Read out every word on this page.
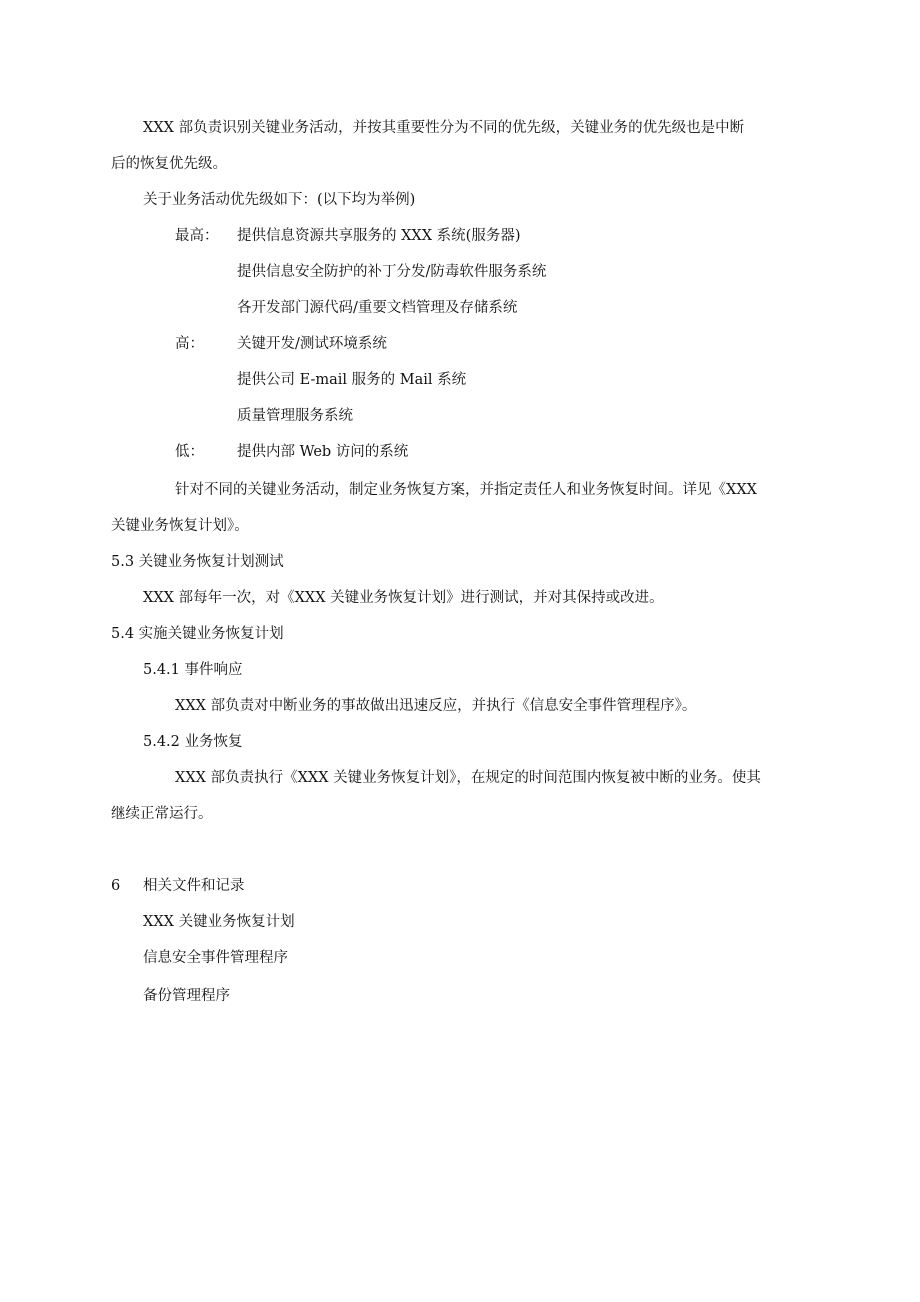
XXX 部负责识别关键业务活动，并按其重要性分为不同的优先级，关键业务的优先级也是中断
后的恢复优先级。
关于业务活动优先级如下：(以下均为举例)
最高： 提供信息资源共享服务的 XXX 系统(服务器)
提供信息安全防护的补丁分发/防毒软件服务系统
各开发部门源代码/重要文档管理及存储系统
高： 关键开发/测试环境系统
提供公司 E-mail 服务的 Mail 系统
质量管理服务系统
低： 提供内部 Web 访问的系统
针对不同的关键业务活动，制定业务恢复方案，并指定责任人和业务恢复时间。详见《XXX
关键业务恢复计划》。
5.3 关键业务恢复计划测试
XXX 部每年一次，对《XXX 关键业务恢复计划》进行测试，并对其保持或改进。
5.4 实施关键业务恢复计划
5.4.1 事件响应
XXX 部负责对中断业务的事故做出迅速反应，并执行《信息安全事件管理程序》。
5.4.2 业务恢复
XXX 部负责执行《XXX 关键业务恢复计划》，在规定的时间范围内恢复被中断的业务。使其
继续正常运行。
6 相关文件和记录
XXX 关键业务恢复计划
信息安全事件管理程序
备份管理程序
